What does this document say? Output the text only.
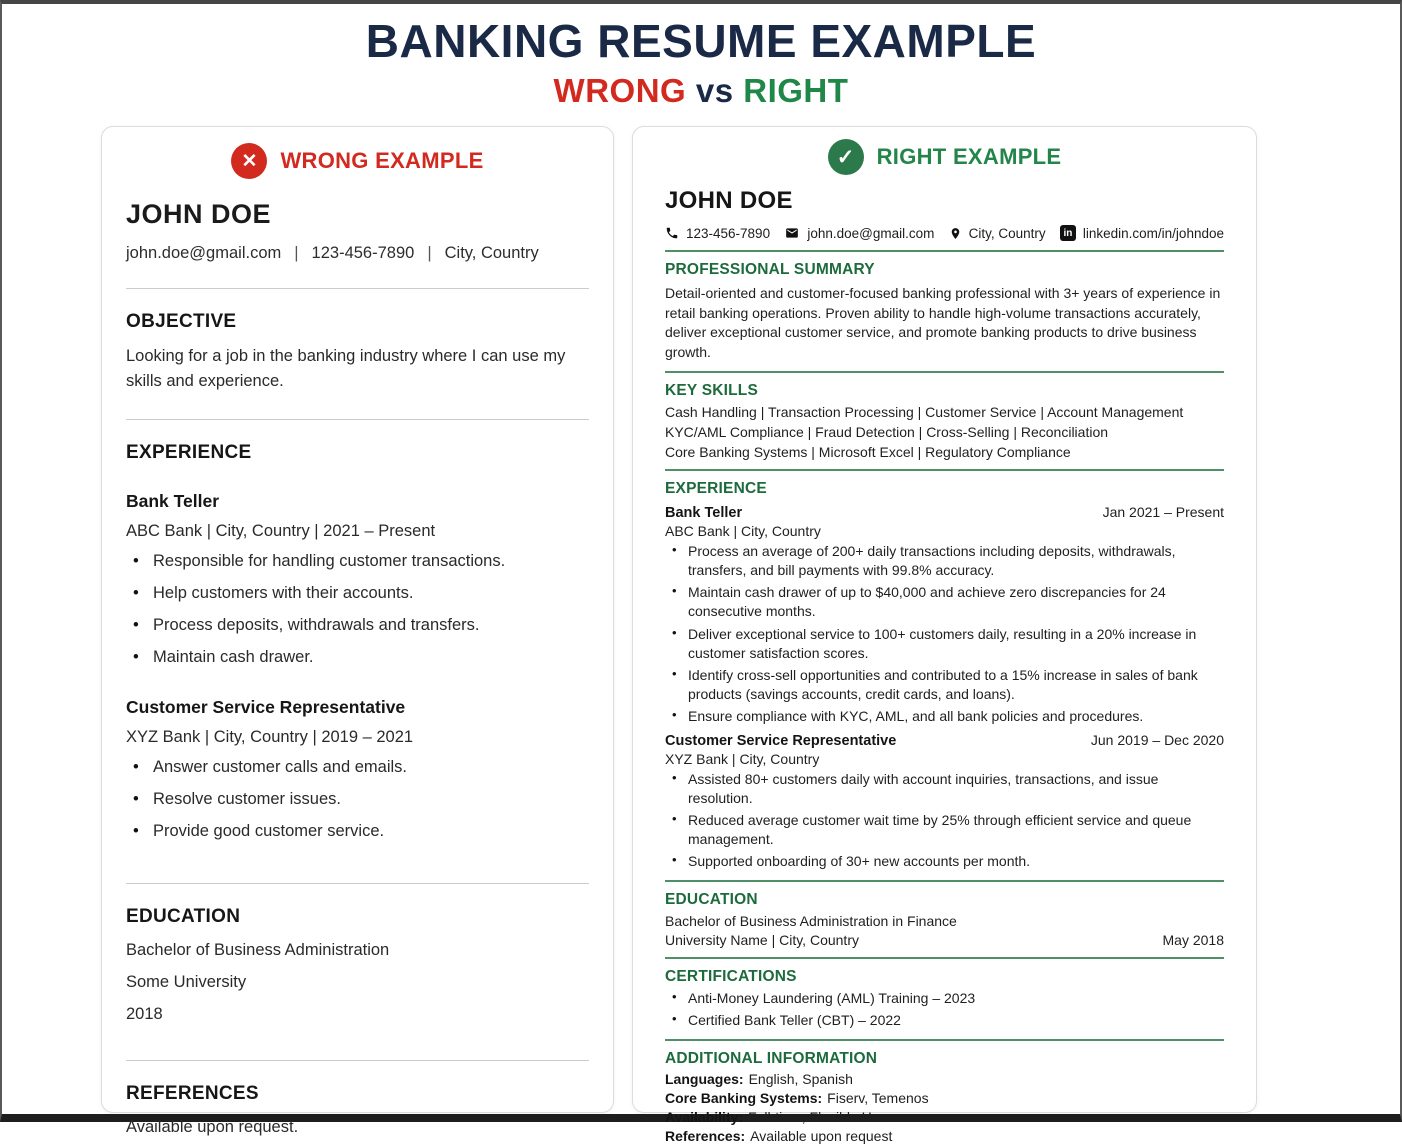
BANKING RESUME EXAMPLE
WRONG vs RIGHT
✕ WRONG EXAMPLE
JOHN DOE
john.doe@gmail.com | 123-456-7890 | City, Country
OBJECTIVE

Looking for a job in the banking industry where I can use my skills and experience.

EXPERIENCE
Bank Teller
ABC Bank | City, Country | 2021 – Present
• Responsible for handling customer transactions.
• Help customers with their accounts.
• Process deposits, withdrawals and transfers.
• Maintain cash drawer.
Customer Service Representative
XYZ Bank | City, Country | 2019 – 2021
• Answer customer calls and emails.
• Resolve customer issues.
• Provide good customer service.
EDUCATION
Bachelor of Business Administration
Some University
2018
REFERENCES
Available upon request.
✓ RIGHT EXAMPLE
JOHN DOE
123-456-7890	john.doe@gmail.com	City, Country	in linkedin.com/in/johndoe
PROFESSIONAL SUMMARY

Detail-oriented and customer-focused banking professional with 3+ years of experience in retail banking operations. Proven ability to handle high-volume transactions accurately, deliver exceptional customer service, and promote banking products to drive business growth.

KEY SKILLS
Cash Handling | Transaction Processing | Customer Service | Account Management
KYC/AML Compliance | Fraud Detection | Cross-Selling | Reconciliation
Core Banking Systems | Microsoft Excel | Regulatory Compliance
EXPERIENCE
Bank Teller	Jan 2021 – Present
ABC Bank | City, Country
• Process an average of 200+ daily transactions including deposits, withdrawals, transfers, and bill payments with 99.8% accuracy.
• Maintain cash drawer of up to $40,000 and achieve zero discrepancies for 24 consecutive months.
• Deliver exceptional service to 100+ customers daily, resulting in a 20% increase in customer satisfaction scores.
• Identify cross-sell opportunities and contributed to a 15% increase in sales of bank products (savings accounts, credit cards, and loans).
• Ensure compliance with KYC, AML, and all bank policies and procedures.
Customer Service Representative	Jun 2019 – Dec 2020
XYZ Bank | City, Country
• Assisted 80+ customers daily with account inquiries, transactions, and issue resolution.
• Reduced average customer wait time by 25% through efficient service and queue management.
• Supported onboarding of 30+ new accounts per month.
EDUCATION
Bachelor of Business Administration in Finance
University Name | City, Country	May 2018
CERTIFICATIONS
• Anti-Money Laundering (AML) Training – 2023
• Certified Bank Teller (CBT) – 2022
ADDITIONAL INFORMATION
Languages: English, Spanish
Core Banking Systems: Fiserv, Temenos
Availability: Full-time, Flexible Hours
References: Available upon request
